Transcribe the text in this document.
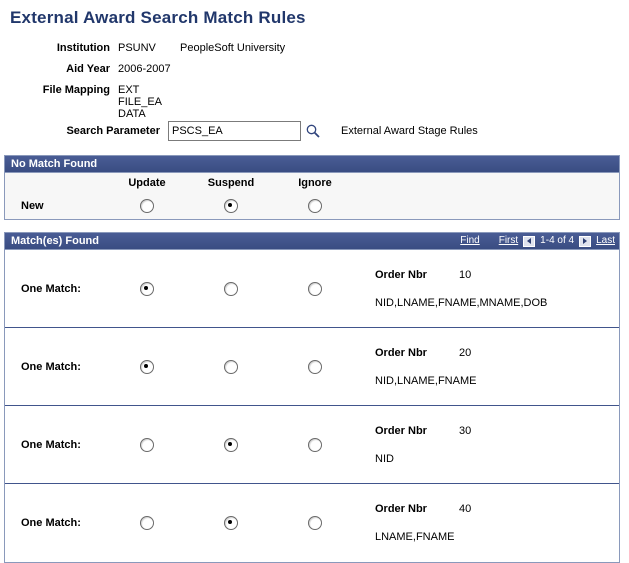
External Award Search Match Rules
Institution PSUNV	PeopleSoft University
Aid Year 2006-2007
File Mapping EXT FILE_EA DATA
Search Parameter
PSCS_EA	External Award Stage Rules
No Match Found
Update	Suspend	Ignore
New
Match(es) Found	Find First 1-4 of 4 Last
One Match:
Order Nbr	10
NID,LNAME,FNAME,MNAME,DOB
One Match:
Order Nbr	20
NID,LNAME,FNAME
One Match:
Order Nbr	30
NID
One Match:
Order Nbr	40
LNAME,FNAME
